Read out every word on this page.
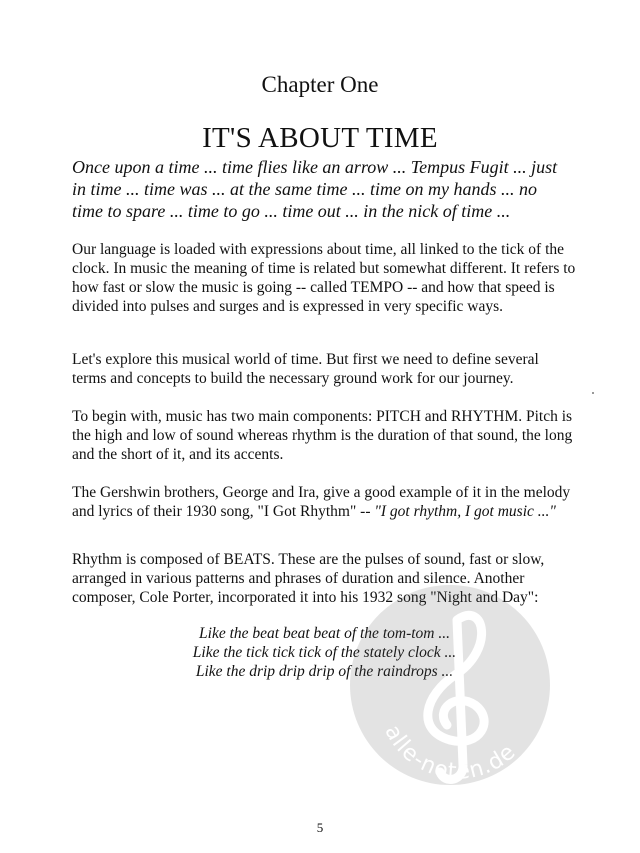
Chapter One
IT'S ABOUT TIME
Once upon a time ... time flies like an arrow ... Tempus Fugit ... just in time ... time was ... at the same time ... time on my hands ... no time to spare ... time to go ... time out ... in the nick of time ...
Our language is loaded with expressions about time, all linked to the tick of the clock. In music the meaning of time is related but somewhat different. It refers to how fast or slow the music is going -- called TEMPO -- and how that speed is divided into pulses and surges and is expressed in very specific ways.
Let's explore this musical world of time. But first we need to define several terms and concepts to build the necessary ground work for our journey.
To begin with, music has two main components: PITCH and RHYTHM. Pitch is the high and low of sound whereas rhythm is the duration of that sound, the long and the short of it, and its accents.
The Gershwin brothers, George and Ira, give a good example of it in the melody and lyrics of their 1930 song, "I Got Rhythm" -- "I got rhythm, I got music ..."
Rhythm is composed of BEATS. These are the pulses of sound, fast or slow, arranged in various patterns and phrases of duration and silence. Another composer, Cole Porter, incorporated it into his 1932 song "Night and Day":
Like the beat beat beat of the tom-tom ...
Like the tick tick tick of the stately clock ...
Like the drip drip drip of the raindrops ...
5
alle-noten.de
